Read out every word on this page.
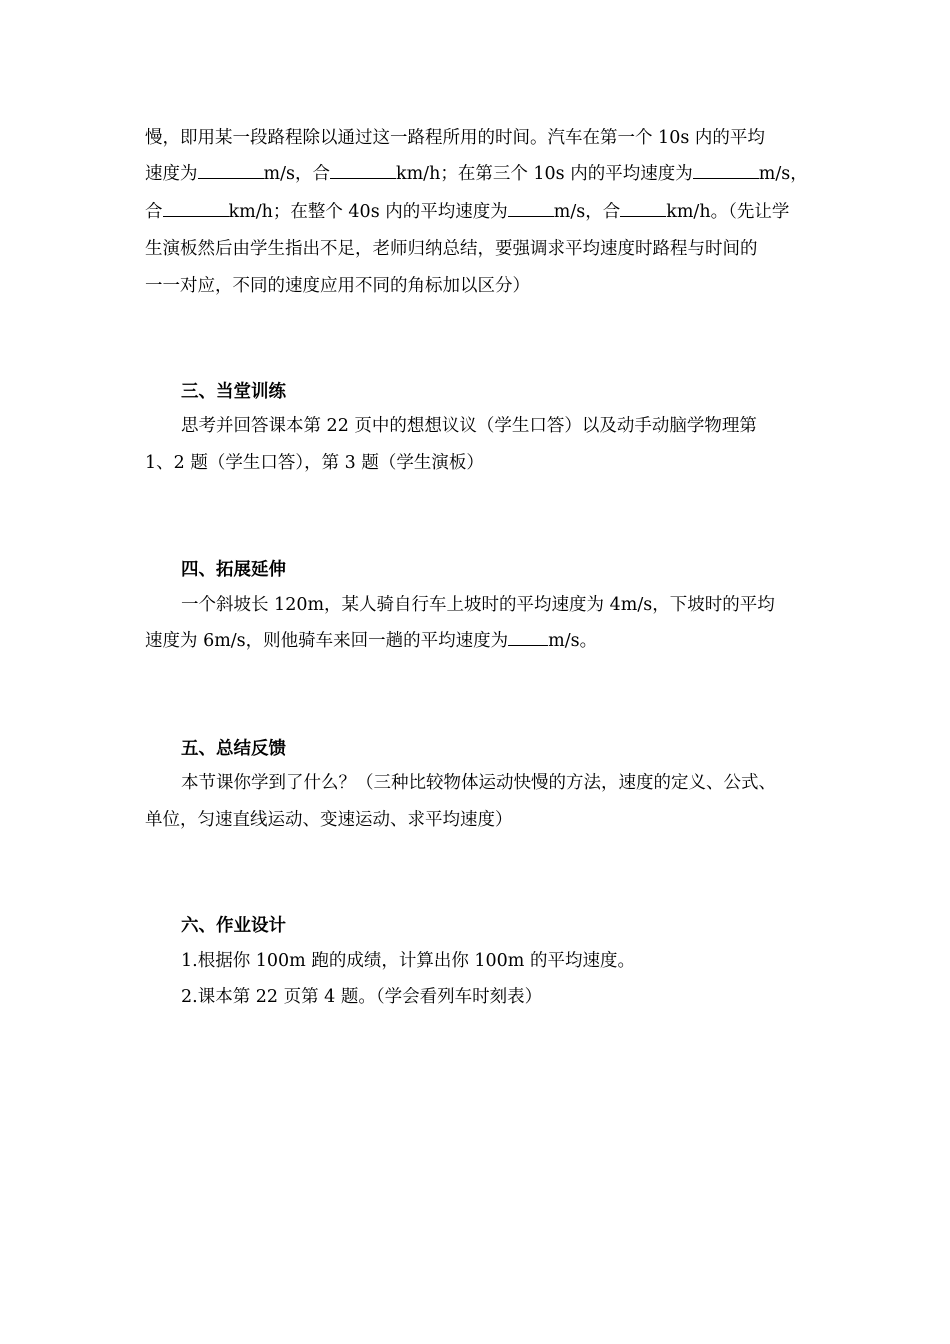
慢，即用某一段路程除以通过这一路程所用的时间。汽车在第一个 10s 内的平均
速度为	m/s，合	km/h；在第三个 10s 内的平均速度为	m/s，
合	km/h；在整个 40s 内的平均速度为	m/s，合	km/h。（先让学
生演板然后由学生指出不足，老师归纳总结，要强调求平均速度时路程与时间的
一一对应，不同的速度应用不同的角标加以区分）
三、当堂训练
思考并回答课本第 22 页中的想想议议（学生口答）以及动手动脑学物理第
1、2 题（学生口答），第 3 题（学生演板）
四、拓展延伸
一个斜坡长 120m，某人骑自行车上坡时的平均速度为 4m/s，下坡时的平均
速度为 6m/s，则他骑车来回一趟的平均速度为 m/s。
五、总结反馈
本节课你学到了什么？（三种比较物体运动快慢的方法，速度的定义、公式、
单位，匀速直线运动、变速运动、求平均速度）
六、作业设计
1.根据你 100m 跑的成绩，计算出你 100m 的平均速度。
2.课本第 22 页第 4 题。（学会看列车时刻表）
